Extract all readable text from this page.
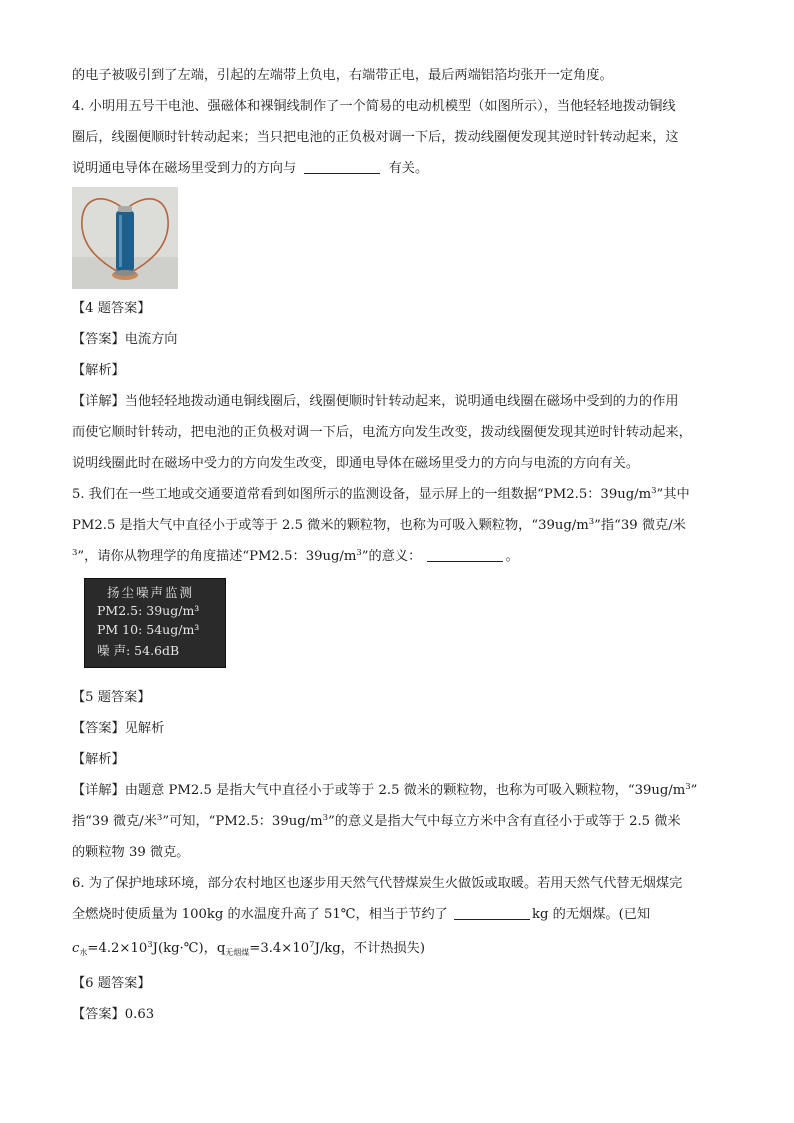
的电子被吸引到了左端，引起的左端带上负电，右端带正电，最后两端铝箔均张开一定角度。
4. 小明用五号干电池、强磁体和裸铜线制作了一个简易的电动机模型（如图所示），当他轻轻地拨动铜线
圈后，线圈便顺时针转动起来；当只把电池的正负极对调一下后，拨动线圈便发现其逆时针转动起来，这
说明通电导体在磁场里受到力的方向与	有关。
【4 题答案】
【答案】电流方向
【解析】
【详解】当他轻轻地拨动通电铜线圈后，线圈便顺时针转动起来，说明通电线圈在磁场中受到的力的作用
而使它顺时针转动，把电池的正负极对调一下后，电流方向发生改变，拨动线圈便发现其逆时针转动起来，
说明线圈此时在磁场中受力的方向发生改变，即通电导体在磁场里受力的方向与电流的方向有关。
5. 我们在一些工地或交通要道常看到如图所示的监测设备，显示屏上的一组数据“PM2.5：$39ug/m^3$”其中
PM2.5 是指大气中直径小于或等于 2.5 微米的颗粒物，也称为可吸入颗粒物，“$39ug/m^3$”指“39 微克/米
$^3$”，请你从物理学的角度描述“PM2.5：$39ug/m^3$”的意义：	。
扬尘噪声监测
PM2.5: 39ug/m³
PM 10: 54ug/m³
噪 声: 54.6dB
【5 题答案】
【答案】见解析
【解析】
【详解】由题意 PM2.5 是指大气中直径小于或等于 2.5 微米的颗粒物，也称为可吸入颗粒物，“$39ug/m^3$”
指“39 微克/米$^3$”可知，“PM2.5：$39ug/m^3$”的意义是指大气中每立方米中含有直径小于或等于 2.5 微米
的颗粒物 39 微克。
6. 为了保护地球环境，部分农村地区也逐步用天然气代替煤炭生火做饭或取暖。若用天然气代替无烟煤完
全燃烧时使质量为 100kg 的水温度升高了 51℃，相当于节约了	kg 的无烟煤。(已知
$c_水=4.2\times 10^3J(kg\cdot℃)$，$q_{无烟煤}=3.4\times 10^7J/kg$，不计热损失)
【6 题答案】
【答案】0.63
